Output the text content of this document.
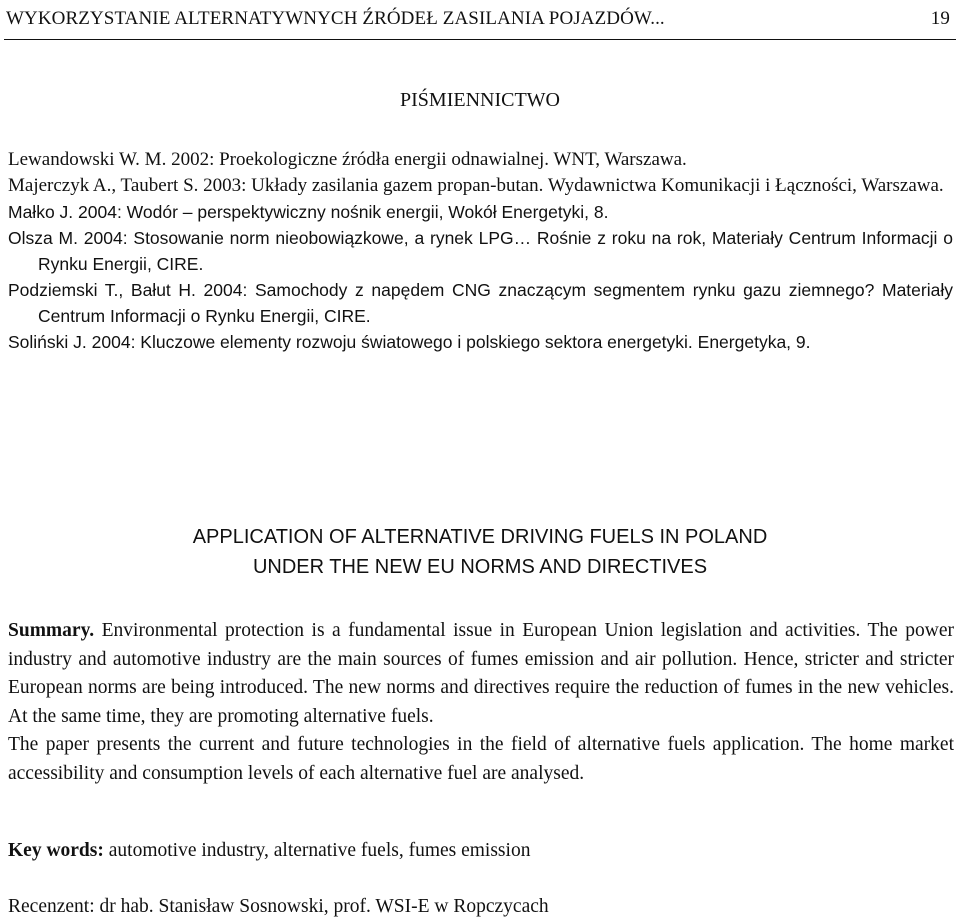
WYKORZYSTANIE ALTERNATYWNYCH ŹRÓDEŁ ZASILANIA POJAZDÓW...	19
PIŚMIENNICTWO
Lewandowski W. M. 2002: Proekologiczne źródła energii odnawialnej. WNT, Warszawa.
Majerczyk A., Taubert S. 2003: Układy zasilania gazem propan-butan. Wydawnictwa Komunikacji i Łączności, Warszawa.
Małko J. 2004: Wodór – perspektywiczny nośnik energii, Wokół Energetyki, 8.
Olsza M. 2004: Stosowanie norm nieobowiązkowe, a rynek LPG… Rośnie z roku na rok, Materiały Centrum Informacji o Rynku Energii, CIRE.
Podziemski T., Bałut H. 2004: Samochody z napędem CNG znaczącym segmentem rynku gazu ziemnego? Materiały Centrum Informacji o Rynku Energii, CIRE.
Soliński J. 2004: Kluczowe elementy rozwoju światowego i polskiego sektora energetyki. Energetyka, 9.
APPLICATION OF ALTERNATIVE DRIVING FUELS IN POLAND
UNDER THE NEW EU NORMS AND DIRECTIVES

Summary. Environmental protection is a fundamental issue in European Union legislation and activities. The power industry and automotive industry are the main sources of fumes emission and air pollution. Hence, stricter and stricter European norms are being introduced. The new norms and directives require the reduction of fumes in the new vehicles. At the same time, they are promoting alternative fuels.

The paper presents the current and future technologies in the field of alternative fuels application. The home market accessibility and consumption levels of each alternative fuel are analysed.

Key words: automotive industry, alternative fuels, fumes emission
Recenzent: dr hab. Stanisław Sosnowski, prof. WSI-E w Ropczycach
